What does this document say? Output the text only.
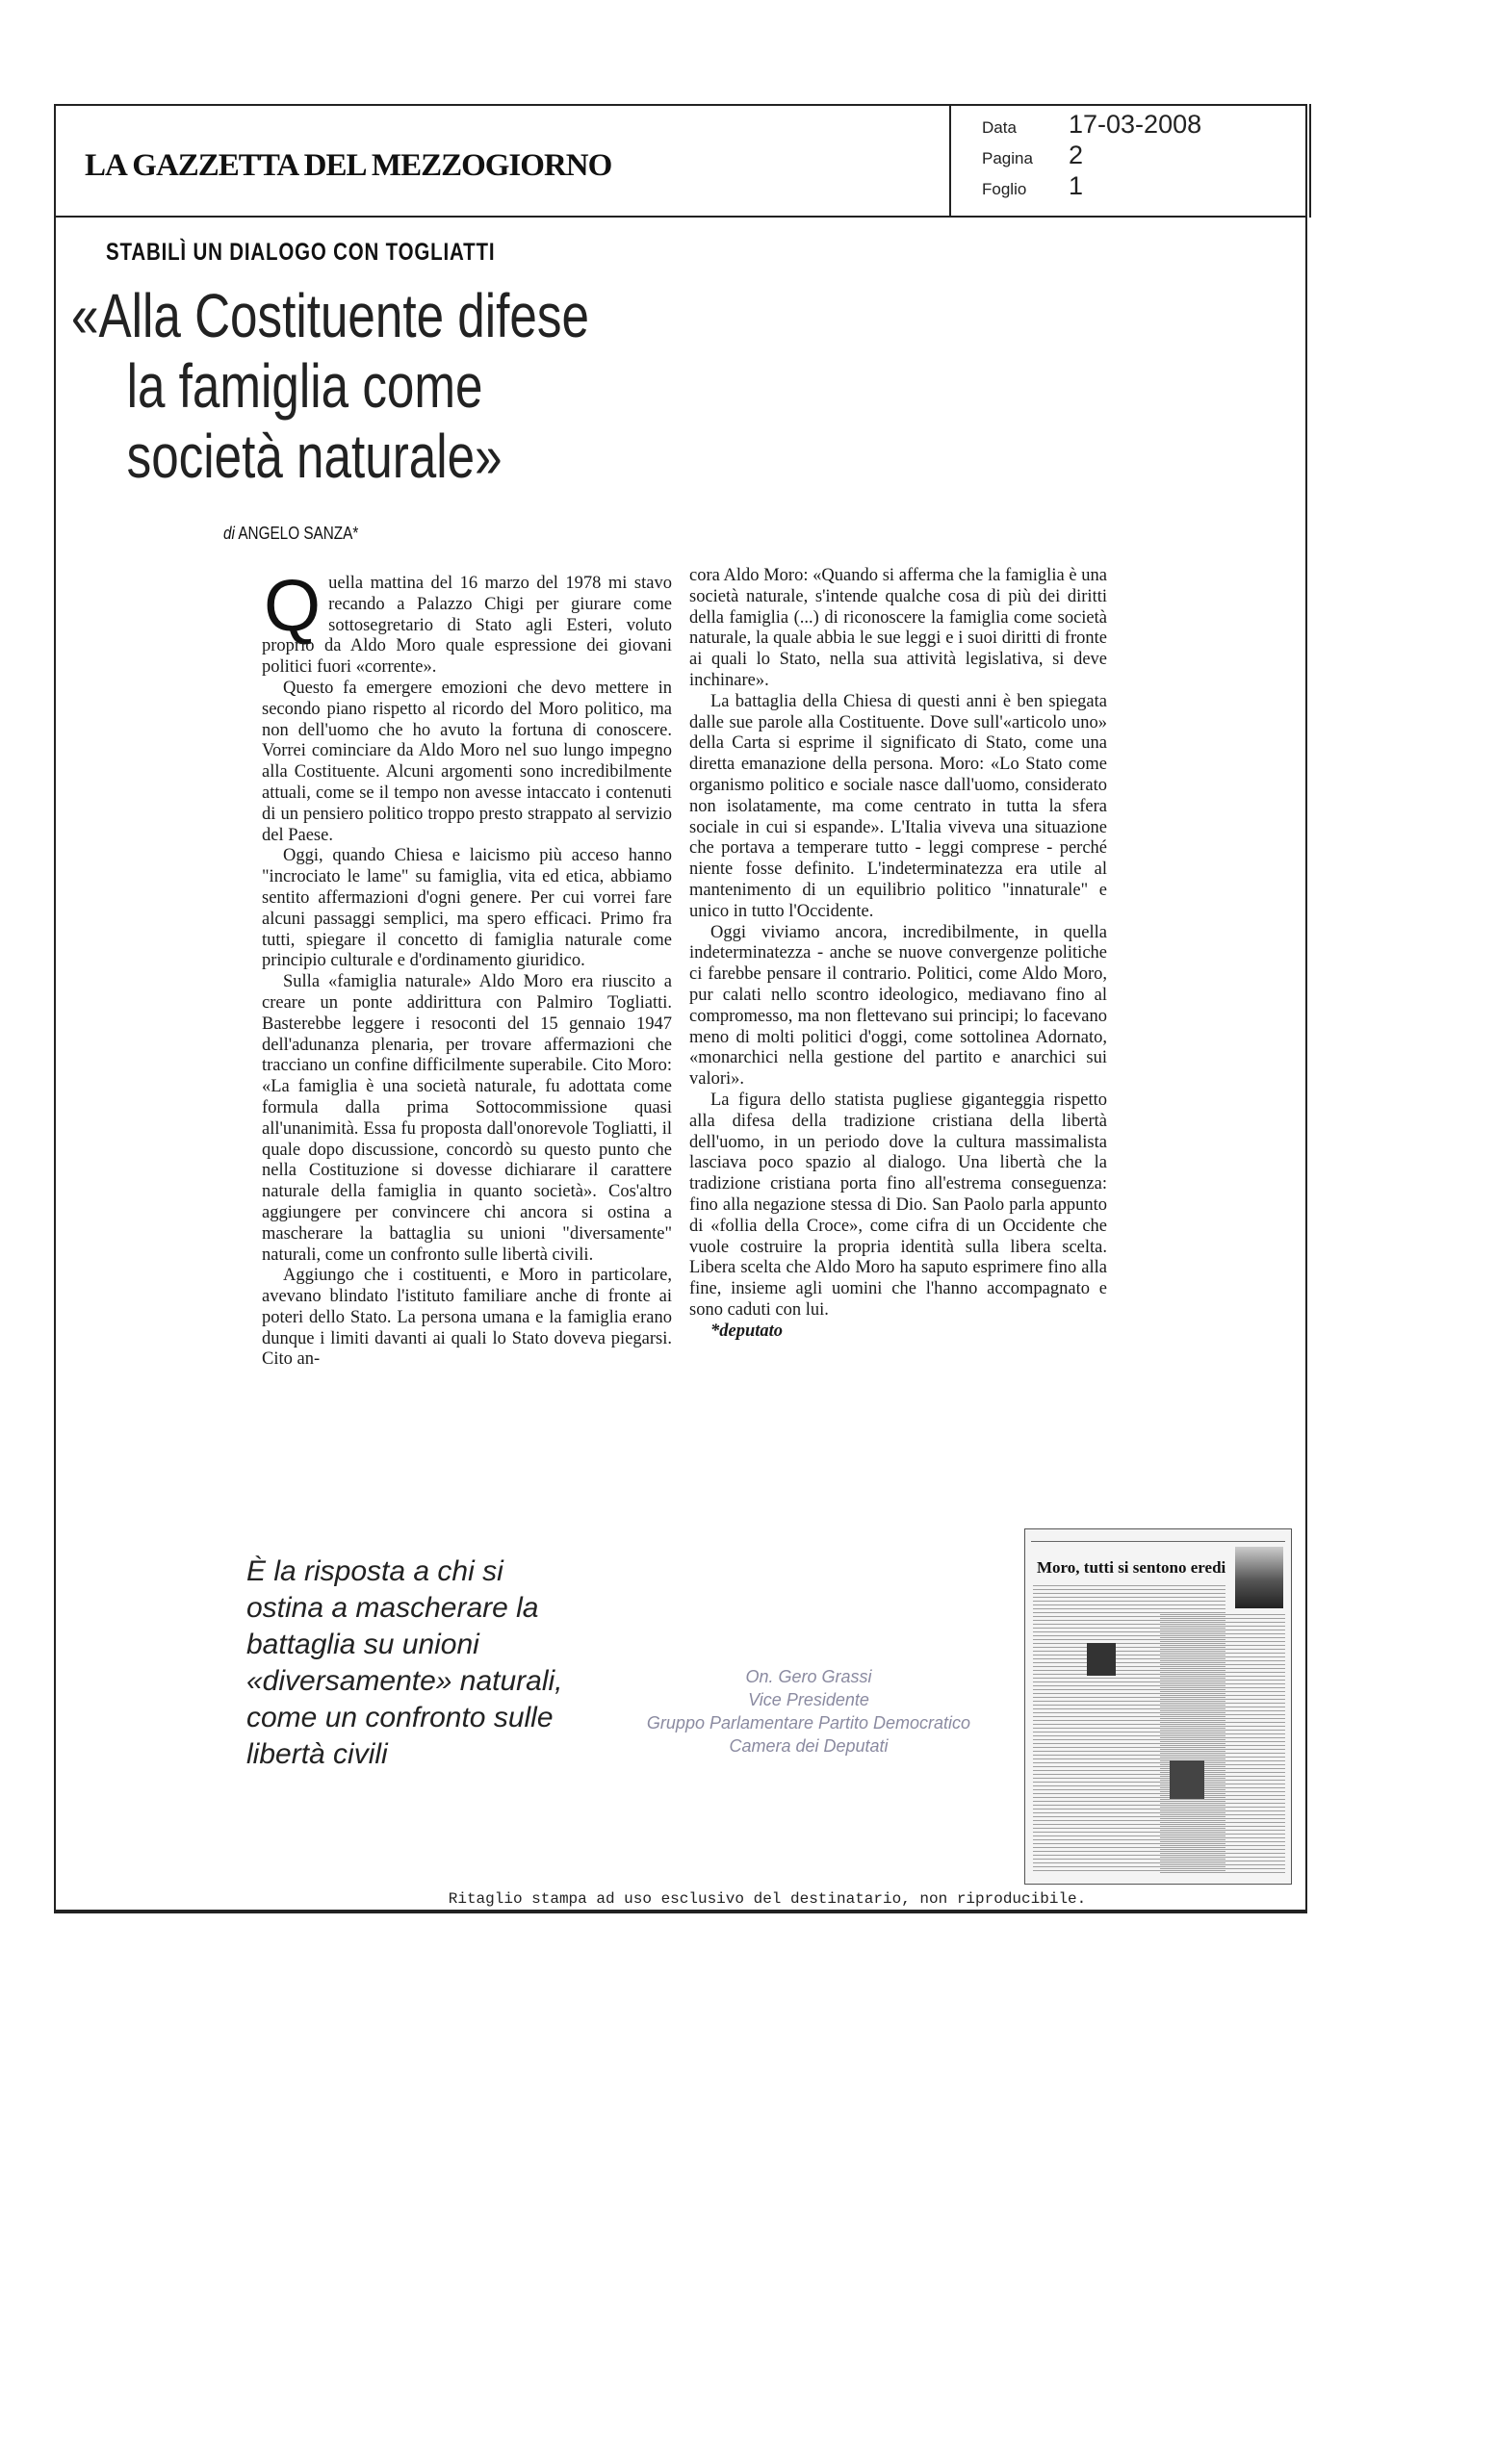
LA GAZZETTA DEL MEZZOGIORNO
Data 17-03-2008
Pagina 2
Foglio 1
STABILÌ UN DIALOGO CON TOGLIATTI
«Alla Costituente difese
la famiglia come
società naturale»
di ANGELO SANZA*

Quella mattina del 16 marzo del 1978 mi stavo recando a Palazzo Chigi per giurare come sottosegretario di Stato agli Esteri, voluto proprio da Aldo Moro quale espressione dei giovani politici fuori «corrente».

Questo fa emergere emozioni che devo mettere in secondo piano rispetto al ricordo del Moro politico, ma non dell'uomo che ho avuto la fortuna di conoscere. Vorrei cominciare da Aldo Moro nel suo lungo impegno alla Costituente. Alcuni argomenti sono incredibilmente attuali, come se il tempo non avesse intaccato i contenuti di un pensiero politico troppo presto strappato al servizio del Paese.

Oggi, quando Chiesa e laicismo più acceso hanno "incrociato le lame" su famiglia, vita ed etica, abbiamo sentito affermazioni d'ogni genere. Per cui vorrei fare alcuni passaggi semplici, ma spero efficaci. Primo fra tutti, spiegare il concetto di famiglia naturale come principio culturale e d'ordinamento giuridico.

Sulla «famiglia naturale» Aldo Moro era riuscito a creare un ponte addirittura con Palmiro Togliatti. Basterebbe leggere i resoconti del 15 gennaio 1947 dell'adunanza plenaria, per trovare affermazioni che tracciano un confine difficilmente superabile. Cito Moro: «La famiglia è una società naturale, fu adottata come formula dalla prima Sottocommissione quasi all'unanimità. Essa fu proposta dall'onorevole Togliatti, il quale dopo discussione, concordò su questo punto che nella Costituzione si dovesse dichiarare il carattere naturale della famiglia in quanto società». Cos'altro aggiungere per convincere chi ancora si ostina a mascherare la battaglia su unioni "diversamente" naturali, come un confronto sulle libertà civili.

Aggiungo che i costituenti, e Moro in particolare, avevano blindato l'istituto familiare anche di fronte ai poteri dello Stato. La persona umana e la famiglia erano dunque i limiti davanti ai quali lo Stato doveva piegarsi. Cito an-

cora Aldo Moro: «Quando si afferma che la famiglia è una società naturale, s'intende qualche cosa di più dei diritti della famiglia (...) di riconoscere la famiglia come società naturale, la quale abbia le sue leggi e i suoi diritti di fronte ai quali lo Stato, nella sua attività legislativa, si deve inchinare».

La battaglia della Chiesa di questi anni è ben spiegata dalle sue parole alla Costituente. Dove sull'«articolo uno» della Carta si esprime il significato di Stato, come una diretta emanazione della persona. Moro: «Lo Stato come organismo politico e sociale nasce dall'uomo, considerato non isolatamente, ma come centrato in tutta la sfera sociale in cui si espande». L'Italia viveva una situazione che portava a temperare tutto - leggi comprese - perché niente fosse definito. L'indeterminatezza era utile al mantenimento di un equilibrio politico "innaturale" e unico in tutto l'Occidente.

Oggi viviamo ancora, incredibilmente, in quella indeterminatezza - anche se nuove convergenze politiche ci farebbe pensare il contrario. Politici, come Aldo Moro, pur calati nello scontro ideologico, mediavano fino al compromesso, ma non flettevano sui principi; lo facevano meno di molti politici d'oggi, come sottolinea Adornato, «monarchici nella gestione del partito e anarchici sui valori».

La figura dello statista pugliese giganteggia rispetto alla difesa della tradizione cristiana della libertà dell'uomo, in un periodo dove la cultura massimalista lasciava poco spazio al dialogo. Una libertà che la tradizione cristiana porta fino all'estrema conseguenza: fino alla negazione stessa di Dio. San Paolo parla appunto di «follia della Croce», come cifra di un Occidente che vuole costruire la propria identità sulla libera scelta. Libera scelta che Aldo Moro ha saputo esprimere fino alla fine, insieme agli uomini che l'hanno accompagnato e sono caduti con lui.

*deputato
È la risposta a chi si ostina a mascherare la battaglia su unioni «diversamente» naturali, come un confronto sulle libertà civili
On. Gero Grassi
Vice Presidente
Gruppo Parlamentare Partito Democratico
Camera dei Deputati
Moro, tutti si sentono eredi
Ritaglio stampa ad uso esclusivo del destinatario, non riproducibile.
